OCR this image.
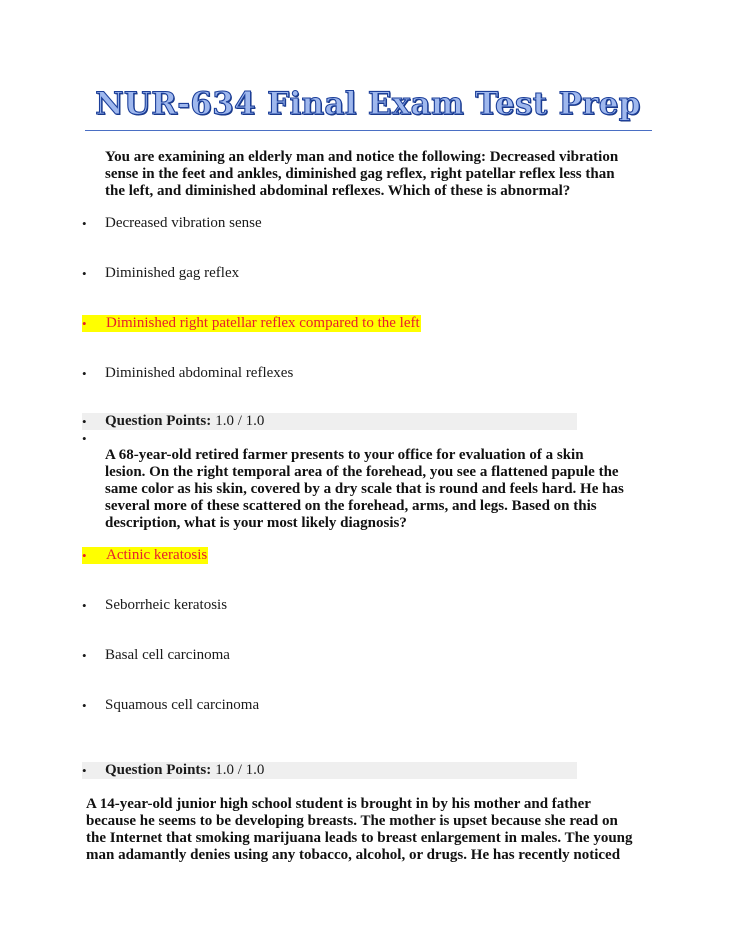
NUR-634 Final Exam Test Prep
You are examining an elderly man and notice the following: Decreased vibration sense in the feet and ankles, diminished gag reflex, right patellar reflex less than the left, and diminished abdominal reflexes. Which of these is abnormal?
•	Decreased vibration sense
•	Diminished gag reflex
•	Diminished right patellar reflex compared to the left
•	Diminished abdominal reflexes
•	Question Points: 1.0 / 1.0
•
A 68-year-old retired farmer presents to your office for evaluation of a skin lesion. On the right temporal area of the forehead, you see a flattened papule the same color as his skin, covered by a dry scale that is round and feels hard. He has several more of these scattered on the forehead, arms, and legs. Based on this description, what is your most likely diagnosis?
•	Actinic keratosis
•	Seborrheic keratosis
•	Basal cell carcinoma
•	Squamous cell carcinoma
•	Question Points: 1.0 / 1.0
A 14-year-old junior high school student is brought in by his mother and father because he seems to be developing breasts. The mother is upset because she read on the Internet that smoking marijuana leads to breast enlargement in males. The young man adamantly denies using any tobacco, alcohol, or drugs. He has recently noticed
